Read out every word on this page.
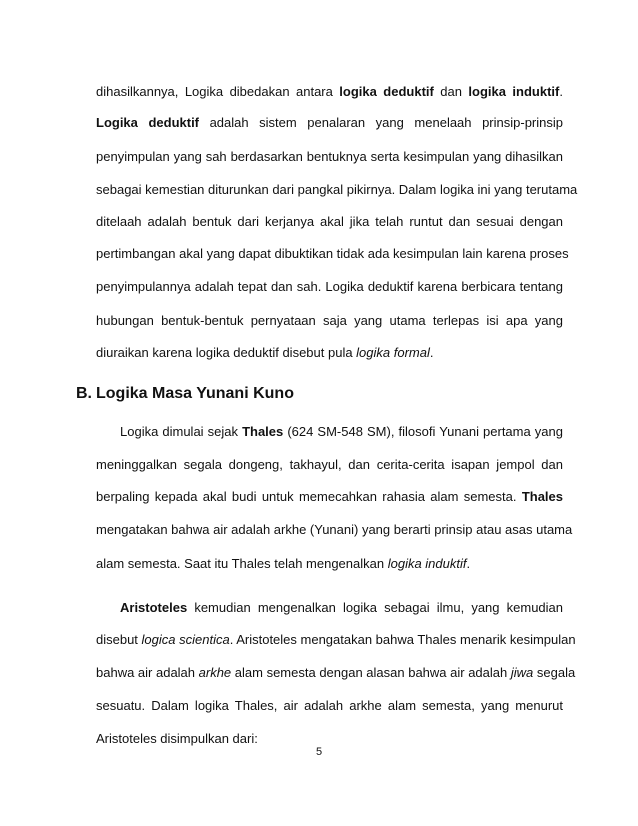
dihasilkannya, Logika dibedakan antara logika deduktif dan logika induktif.
Logika deduktif adalah sistem penalaran yang menelaah prinsip-prinsip
penyimpulan yang sah berdasarkan bentuknya serta kesimpulan yang dihasilkan
sebagai kemestian diturunkan dari pangkal pikirnya. Dalam logika ini yang terutama
ditelaah adalah bentuk dari kerjanya akal jika telah runtut dan sesuai dengan
pertimbangan akal yang dapat dibuktikan tidak ada kesimpulan lain karena proses
penyimpulannya adalah tepat dan sah. Logika deduktif karena berbicara tentang
hubungan bentuk-bentuk pernyataan saja yang utama terlepas isi apa yang
diuraikan karena logika deduktif disebut pula logika formal.
B. Logika Masa Yunani Kuno
Logika dimulai sejak Thales (624 SM-548 SM), filosofi Yunani pertama yang
meninggalkan segala dongeng, takhayul, dan cerita-cerita isapan jempol dan
berpaling kepada akal budi untuk memecahkan rahasia alam semesta. Thales
mengatakan bahwa air adalah arkhe (Yunani) yang berarti prinsip atau asas utama
alam semesta. Saat itu Thales telah mengenalkan logika induktif.
Aristoteles kemudian mengenalkan logika sebagai ilmu, yang kemudian
disebut logica scientica. Aristoteles mengatakan bahwa Thales menarik kesimpulan
bahwa air adalah arkhe alam semesta dengan alasan bahwa air adalah jiwa segala
sesuatu. Dalam logika Thales, air adalah arkhe alam semesta, yang menurut
Aristoteles disimpulkan dari:
5
